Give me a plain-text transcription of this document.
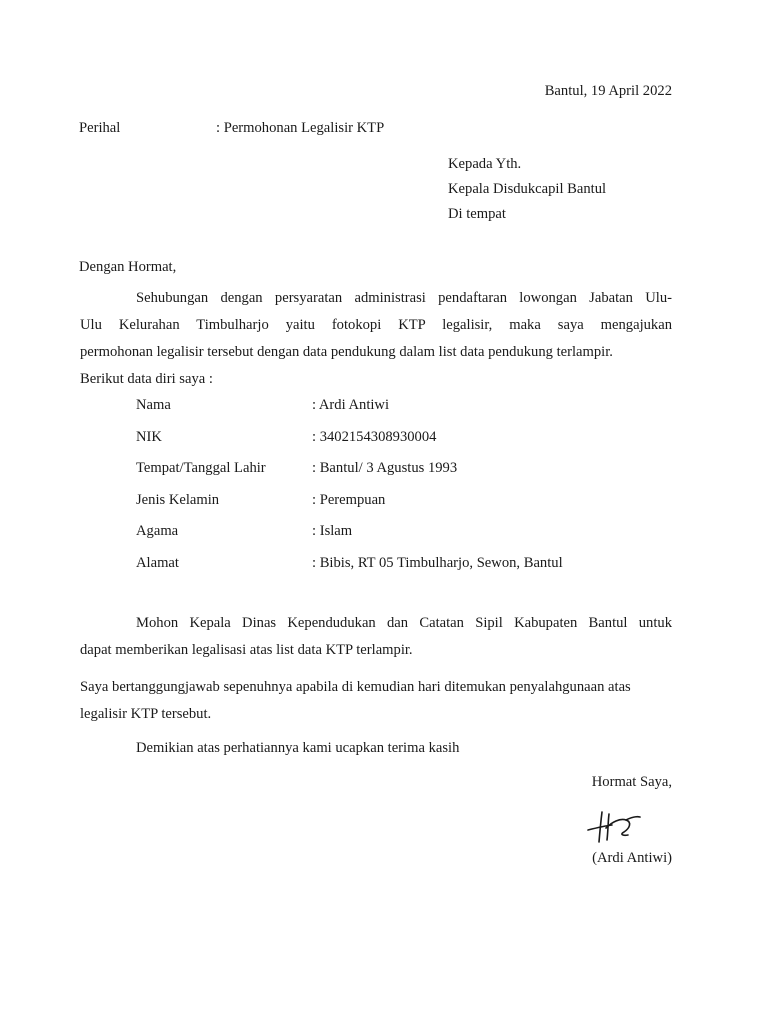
Bantul, 19 April 2022
Perihal	: Permohonan Legalisir KTP
Kepada Yth.
Kepala Disdukcapil Bantul
Di tempat
Dengan Hormat,
Sehubungan dengan persyaratan administrasi pendaftaran lowongan Jabatan Ulu-
Ulu Kelurahan Timbulharjo yaitu fotokopi KTP legalisir, maka saya mengajukan
permohonan legalisir tersebut dengan data pendukung dalam list data pendukung terlampir.
Berikut data diri saya :
Nama	: Ardi Antiwi
NIK	: 3402154308930004
Tempat/Tanggal Lahir	: Bantul/ 3 Agustus 1993
Jenis Kelamin	: Perempuan
Agama	: Islam
Alamat	: Bibis, RT 05 Timbulharjo, Sewon, Bantul
Mohon Kepala Dinas Kependudukan dan Catatan Sipil Kabupaten Bantul untuk
dapat memberikan legalisasi atas list data KTP terlampir.
Saya bertanggungjawab sepenuhnya apabila di kemudian hari ditemukan penyalahgunaan atas
legalisir KTP tersebut.
Demikian atas perhatiannya kami ucapkan terima kasih
Hormat Saya,
(Ardi Antiwi)
